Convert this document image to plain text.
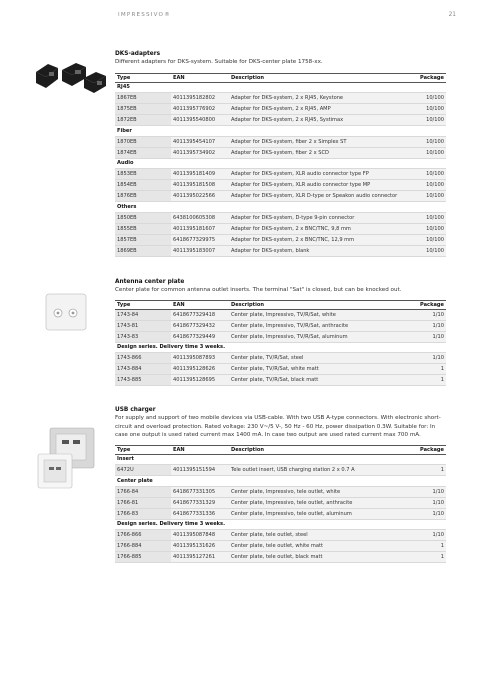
IMPRESSIVO®	21
DKS-adapters
Different adapters for DKS-system. Suitable for DKS-center plate 1758-xx.
Type	EAN	Description	Package
RJ45			
1867EB	4011395182802	Adapter for DKS-system, 2 x RJ45, Keystone	10/100
1875EB	4011395776902	Adapter for DKS-system, 2 x RJ45, AMP	10/100
1872EB	4011395540800	Adapter for DKS-system, 2 x RJ45, Systimax	10/100
Fiber			
1870EB	4011395454107	Adapter for DKS-system, fiber 2 x Simplex ST	10/100
1874EB	4011395734902	Adapter for DKS-system, fiber 2 x SCD	10/100
Audio			
1853EB	4011395181409	Adapter for DKS-system, XLR audio connector type FP	10/100
1854EB	4011395181508	Adapter for DKS-system, XLR audio connector type MP	10/100
1876EB	4011395022566	Adapter for DKS-system, XLR D-type or Speakon audio connector	10/100
Others			
1850EB	6438100605308	Adapter for DKS-system, D-type 9-pin connector	10/100
1855EB	4011395181607	Adapter for DKS-system, 2 x BNC/TNC, 9,8 mm	10/100
1857EB	6418677329975	Adapter for DKS-system, 2 x BNC/TNC, 12,9 mm	10/100
1869EB	4011395183007	Adapter for DKS-system, blank	10/100
Antenna center plate
Center plate for common antenna outlet inserts. The terminal "Sat" is closed, but can be knocked out.
Type	EAN	Description	Package
1743-84	6418677329418	Center plate, Impressivo, TV/R/Sat, white	1/10
1743-81	6418677329432	Center plate, Impressivo, TV/R/Sat, anthracite	1/10
1743-83	6418677329449	Center plate, Impressivo, TV/R/Sat, aluminum	1/10
Design series. Delivery time 3 weeks.			
1743-866	4011395087893	Center plate, TV/R/Sat, steel	1/10
1743-884	4011395128626	Center plate, TV/R/Sat, white matt	1
1743-885	4011395128695	Center plate, TV/R/Sat, black matt	1
USB charger
For supply and support of two mobile devices via USB-cable. With two USB A-type connectors. With electronic short-circuit and overload protection. Rated voltage: 230 V~/5 V-, 50 Hz - 60 Hz, power dissipation 0.3W. Suitable for: In case one output is used rated current max 1400 mA. In case two output are used rated current max 700 mA.
Type	EAN	Description	Package
Insert			
6472U	4011395151594	Tele outlet insert, USB charging station 2 x 0.7 A	1
Center plate			
1766-84	6418677331305	Center plate, Impressivo, tele outlet, white	1/10
1766-81	6418677331329	Center plate, Impressivo, tele outlet, anthracite	1/10
1766-83	6418677331336	Center plate, Impressivo, tele outlet, aluminum	1/10
Design series. Delivery time 3 weeks.			
1766-866	4011395087848	Center plate, tele outlet, steel	1/10
1766-884	4011395131626	Center plate, tele outlet, white matt	1
1766-885	4011395127261	Center plate, tele outlet, black matt	1
